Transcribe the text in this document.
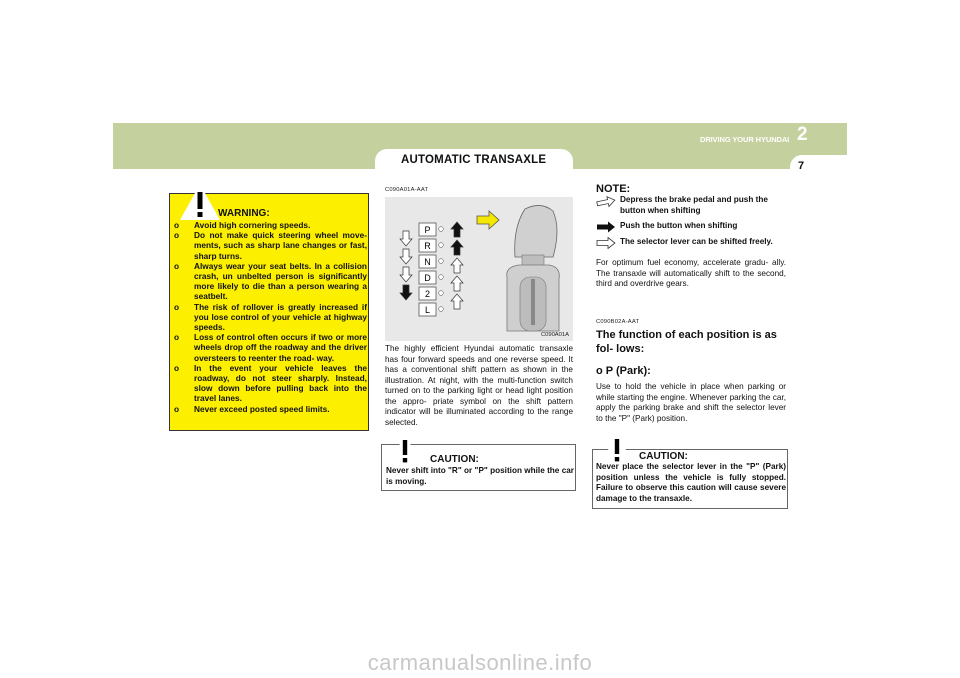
AUTOMATIC TRANSAXLE	7
2
DRIVING YOUR HYUNDAI
WARNING:
o Avoid high cornering speeds.
o Do not make quick steering wheel move- ments, such as sharp lane changes or fast, sharp turns.
o Always wear your seat belts. In a collision crash, un unbelted person is significantly more likely to die than a person wearing a seatbelt.
o The risk of rollover is greatly increased if you lose control of your vehicle at highway speeds.
o Loss of control often occurs if two or more wheels drop off the roadway and the driver oversteers to reenter the road- way.
o In the event your vehicle leaves the roadway, do not steer sharply. Instead, slow down before pulling back into the travel lanes.
o Never exceed posted speed limits.
C090A01A-AAT
P
R
N
D
2
L
C090A01A
The highly efficient Hyundai automatic transaxle has four forward speeds and one reverse speed. It has a conventional shift pattern as shown in the illustration. At night, with the multi-function switch turned on to the parking light or head light position the appro- priate symbol on the shift pattern indicator will be illuminated according to the range selected.
CAUTION:
Never shift into "R" or "P" position while the car is moving.
NOTE:
Depress the brake pedal and push the button when shifting
Push the button when shifting
The selector lever can be shifted freely.
For optimum fuel economy, accelerate gradu- ally. The transaxle will automatically shift to the second, third and overdrive gears.
C090B02A-AAT
The function of each position is as fol- lows:
o P (Park):
Use to hold the vehicle in place when parking or while starting the engine. Whenever parking the car, apply the parking brake and shift the selector lever to the "P" (Park) position.
CAUTION:
Never place the selector lever in the "P" (Park) position unless the vehicle is fully stopped. Failure to observe this caution will cause severe damage to the transaxle.
carmanualsonline.info
